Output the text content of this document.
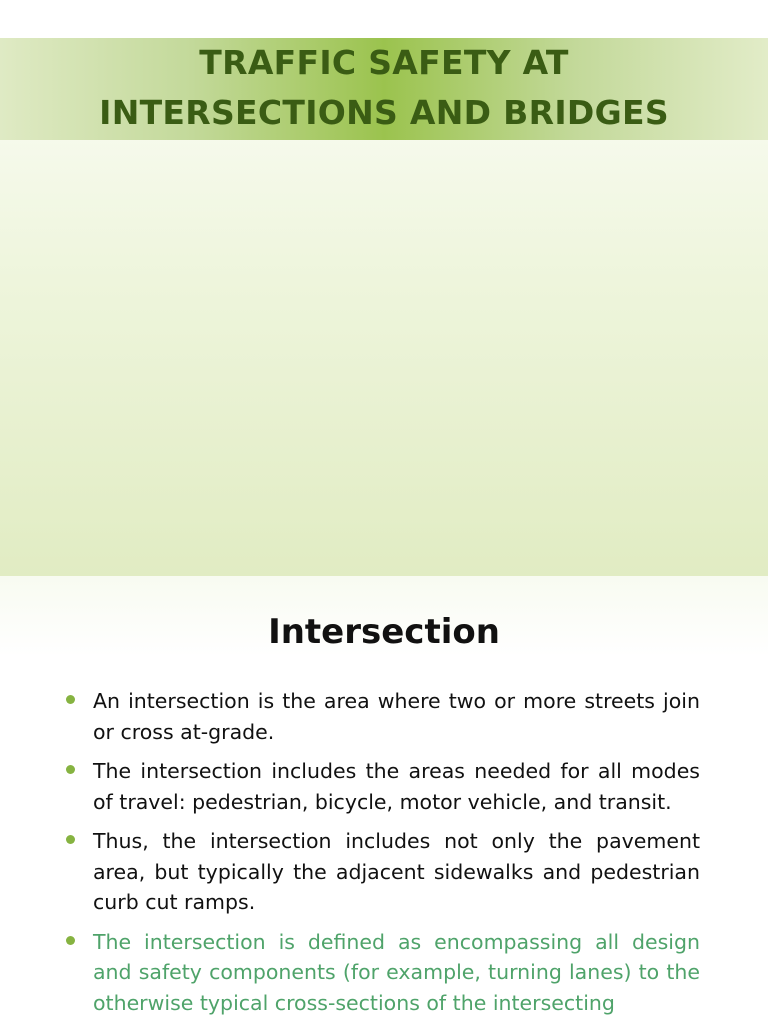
TRAFFIC SAFETY AT
INTERSECTIONS AND BRIDGES
Intersection
An intersection is the area where two or more streets join or cross at-grade.
The intersection includes the areas needed for all modes of travel: pedestrian, bicycle, motor vehicle, and transit.
Thus, the intersection includes not only the pavement area, but typically the adjacent sidewalks and pedestrian curb cut ramps.
The intersection is defined as encompassing all design and safety components (for example, turning lanes) to the otherwise typical cross-sections of the intersecting
